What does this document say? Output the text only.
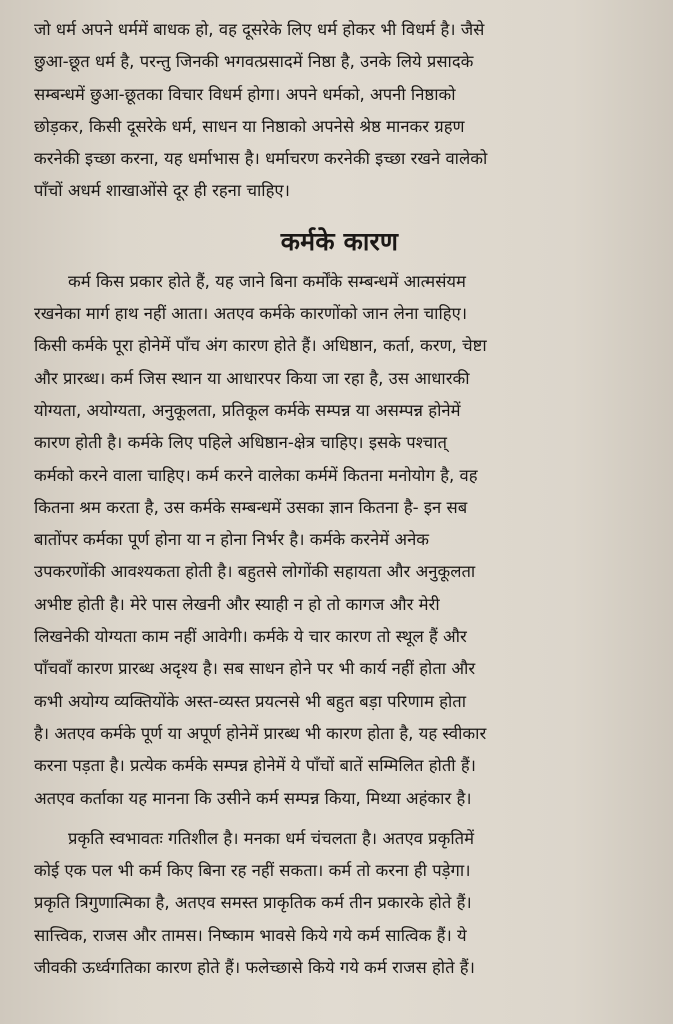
जो धर्म अपने धर्ममें बाधक हो, वह दूसरेके लिए धर्म होकर भी विधर्म है। जैसे
छुआ-छूत धर्म है, परन्तु जिनकी भगवत्प्रसादमें निष्ठा है, उनके लिये प्रसादके
सम्बन्धमें छुआ-छूतका विचार विधर्म होगा। अपने धर्मको, अपनी निष्ठाको
छोड़कर, किसी दूसरेके धर्म, साधन या निष्ठाको अपनेसे श्रेष्ठ मानकर ग्रहण
करनेकी इच्छा करना, यह धर्माभास है। धर्माचरण करनेकी इच्छा रखने वालेको
पाँचों अधर्म शाखाओंसे दूर ही रहना चाहिए।

कर्मके कारण

कर्म किस प्रकार होते हैं, यह जाने बिना कर्मोंके सम्बन्धमें आत्मसंयम
रखनेका मार्ग हाथ नहीं आता। अतएव कर्मके कारणोंको जान लेना चाहिए।
किसी कर्मके पूरा होनेमें पाँच अंग कारण होते हैं। अधिष्ठान, कर्ता, करण, चेष्टा
और प्रारब्ध। कर्म जिस स्थान या आधारपर किया जा रहा है, उस आधारकी
योग्यता, अयोग्यता, अनुकूलता, प्रतिकूल कर्मके सम्पन्न या असम्पन्न होनेमें
कारण होती है। कर्मके लिए पहिले अधिष्ठान-क्षेत्र चाहिए। इसके पश्चात्
कर्मको करने वाला चाहिए। कर्म करने वालेका कर्ममें कितना मनोयोग है, वह
कितना श्रम करता है, उस कर्मके सम्बन्धमें उसका ज्ञान कितना है- इन सब
बातोंपर कर्मका पूर्ण होना या न होना निर्भर है। कर्मके करनेमें अनेक
उपकरणोंकी आवश्यकता होती है। बहुतसे लोगोंकी सहायता और अनुकूलता
अभीष्ट होती है। मेरे पास लेखनी और स्याही न हो तो कागज और मेरी
लिखनेकी योग्यता काम नहीं आवेगी। कर्मके ये चार कारण तो स्थूल हैं और
पाँचवाँ कारण प्रारब्ध अदृश्य है। सब साधन होने पर भी कार्य नहीं होता और
कभी अयोग्य व्यक्तियोंके अस्त-व्यस्त प्रयत्नसे भी बहुत बड़ा परिणाम होता
है। अतएव कर्मके पूर्ण या अपूर्ण होनेमें प्रारब्ध भी कारण होता है, यह स्वीकार
करना पड़ता है। प्रत्येक कर्मके सम्पन्न होनेमें ये पाँचों बातें सम्मिलित होती हैं।
अतएव कर्ताका यह मानना कि उसीने कर्म सम्पन्न किया, मिथ्या अहंकार है।

प्रकृति स्वभावतः गतिशील है। मनका धर्म चंचलता है। अतएव प्रकृतिमें
कोई एक पल भी कर्म किए बिना रह नहीं सकता। कर्म तो करना ही पड़ेगा।
प्रकृति त्रिगुणात्मिका है, अतएव समस्त प्राकृतिक कर्म तीन प्रकारके होते हैं।
सात्त्विक, राजस और तामस। निष्काम भावसे किये गये कर्म सात्विक हैं। ये
जीवकी ऊर्ध्वगतिका कारण होते हैं। फलेच्छासे किये गये कर्म राजस होते हैं।
